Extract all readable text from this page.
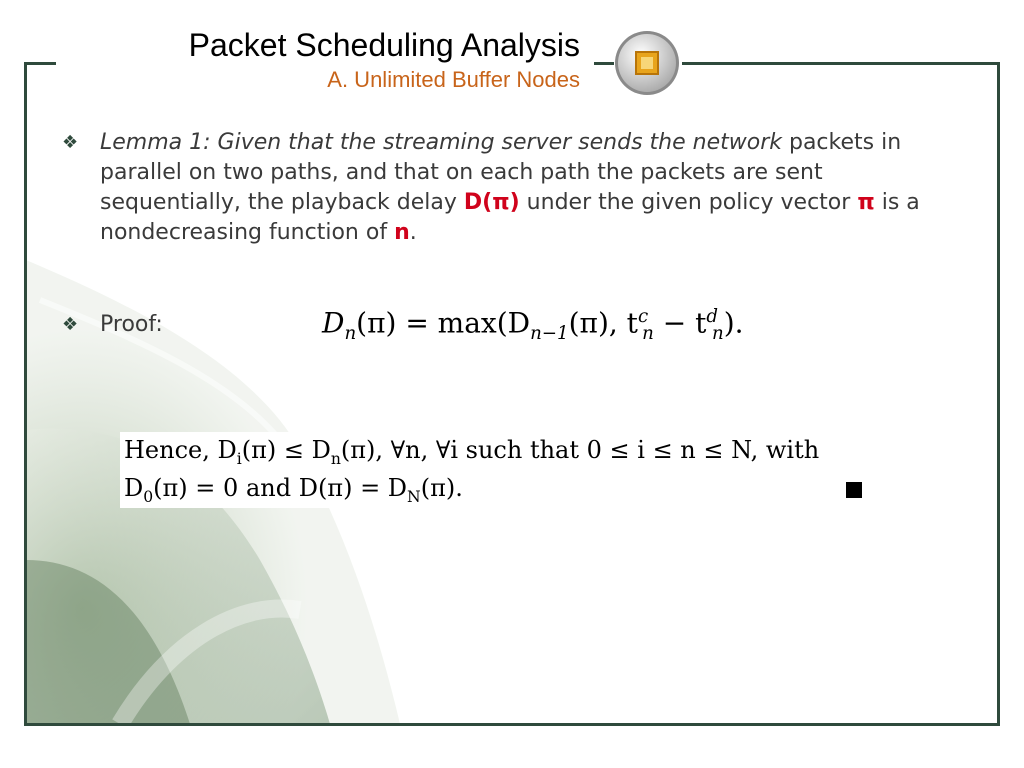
Packet Scheduling Analysis
A. Unlimited Buffer Nodes
❖ Lemma 1: Given that the streaming server sends the network packets in parallel on two paths, and that on each path the packets are sent sequentially, the playback delay D(π) under the given policy vector π is a nondecreasing function of n.
❖ Proof:	$D_n(\pi) = \max(D_{n-1}(\pi)$, $t^c_n - t^d_n$).
Hence, $D_i(\pi) \le D_n(\pi)$, ∀n, ∀i such that 0 ≤ i ≤ n ≤ N, with
$D_0(\pi) = 0$ and $D(\pi) = D_N(\pi)$.
